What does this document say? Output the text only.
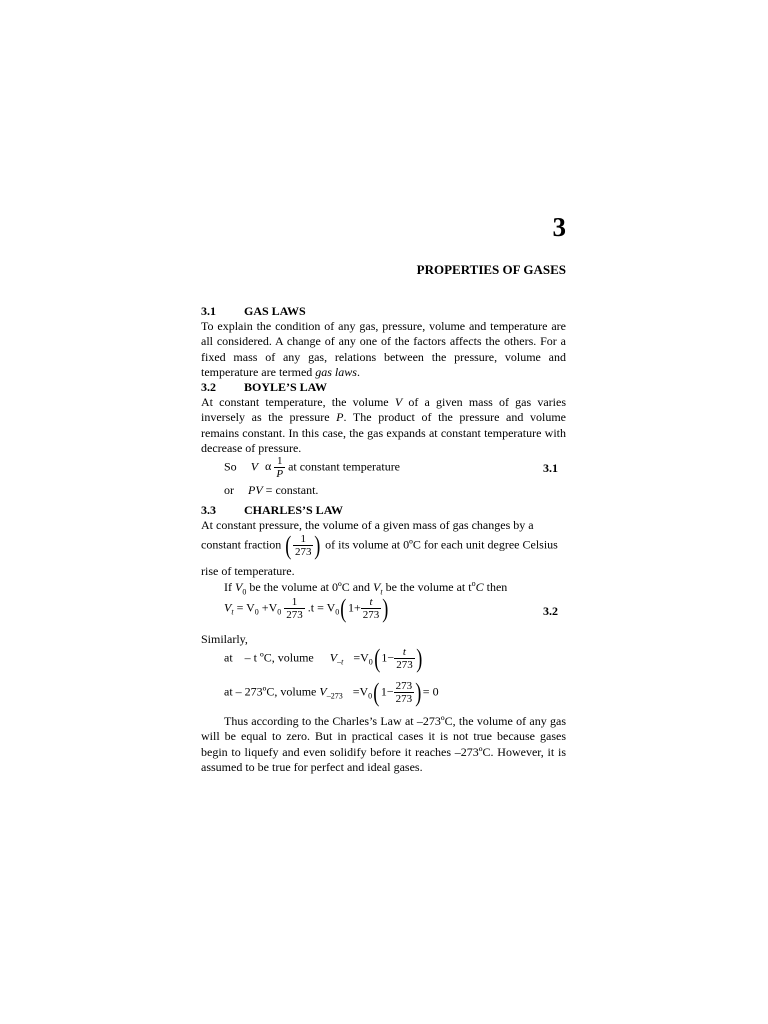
3
PROPERTIES OF GASES
3.1 GAS LAWS
To explain the condition of any gas, pressure, volume and temperature are all considered. A change of any one of the factors affects the others. For a fixed mass of any gas, relations between the pressure, volume and temperature are termed gas laws.
3.2 BOYLE’S LAW
At constant temperature, the volume V of a given mass of gas varies inversely as the pressure P. The product of the pressure and volume remains constant. In this case, the gas expands at constant temperature with decrease of pressure.
So V α $\frac{1}{P}$ at constant temperature	3.1
or PV = constant.
3.3 CHARLES’S LAW
At constant pressure, the volume of a given mass of gas changes by a
constant fraction ( $\frac{1}{273}$ ) of its volume at 0ºC for each unit degree Celsius
rise of temperature.
If $V_0$ be the volume at 0ºC and $V_t$ be the volume at $t^oC$ then
$V_t = V_0 +V_0 \frac{1}{273} .t = V_0(1+ \frac{t}{273}$ )	3.2
Similarly,
at – t ºC, volume $V_{-t} =V_0(1- \frac{t}{273}$ )
at – 273ºC, volume $V_{-273} =V_0(1- \frac{273}{273}$ )= 0
Thus according to the Charles’s Law at –273ºC, the volume of any gas will be equal to zero. But in practical cases it is not true because gases begin to liquefy and even solidify before it reaches –273ºC. However, it is assumed to be true for perfect and ideal gases.
